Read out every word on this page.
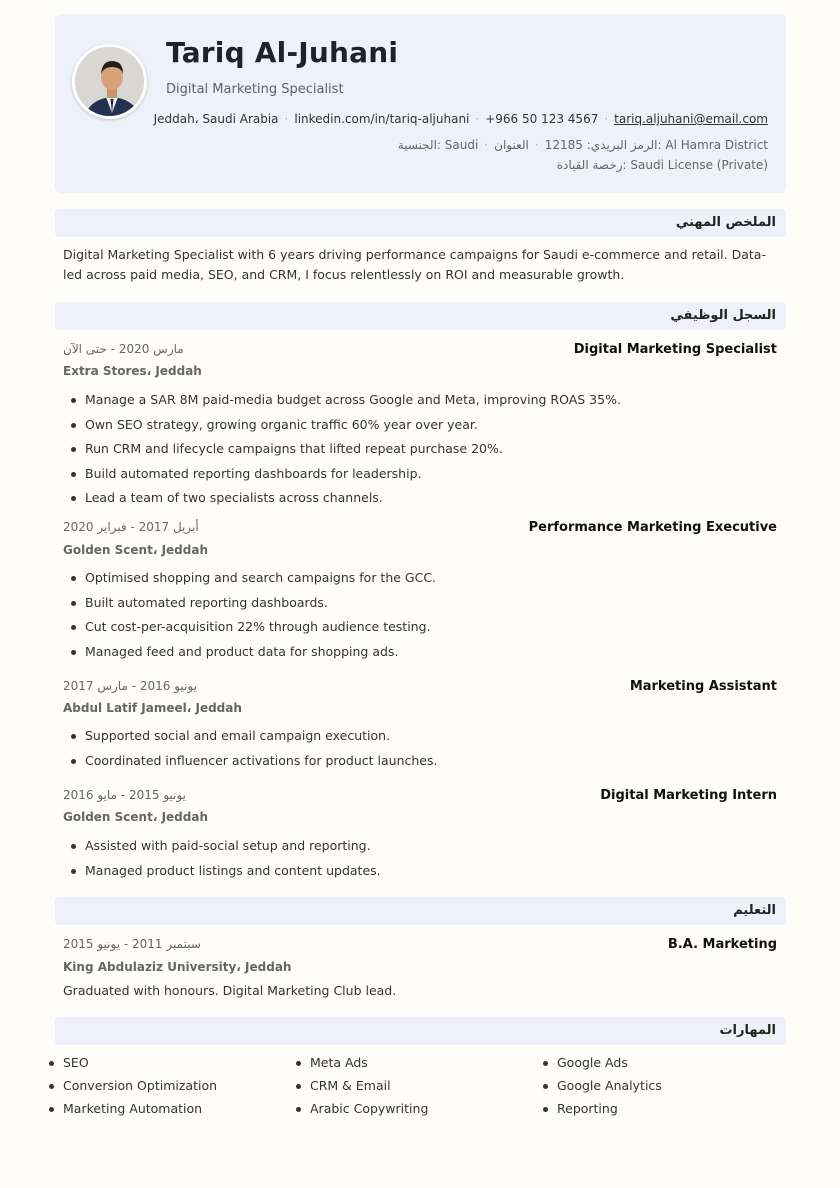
Tariq Al-Juhani
Digital Marketing Specialist
Jeddah، Saudi Arabia · linkedin.com/in/tariq-aljuhani · +966 50 123 4567 · tariq.aljuhani@email.com
الجنسية: Saudi ·	الرمز البريدي: 12185·العنوان: Al Hamra District
رخصة القيادة: Saudi License (Private)
الملخص المهني
Digital Marketing Specialist with 6 years driving performance campaigns for Saudi e-commerce and retail. Data-led across paid media, SEO, and CRM, I focus relentlessly on ROI and measurable growth.
السجل الوظيفي
Digital Marketing Specialist
مارس 2020 - حتى الآن
Extra Stores، Jeddah
Manage a SAR 8M paid-media budget across Google and Meta, improving ROAS 35%.
Own SEO strategy, growing organic traffic 60% year over year.
Run CRM and lifecycle campaigns that lifted repeat purchase 20%.
Build automated reporting dashboards for leadership.
Lead a team of two specialists across channels.
Performance Marketing Executive
أبريل 2017 - فبراير 2020
Golden Scent، Jeddah
Optimised shopping and search campaigns for the GCC.
Built automated reporting dashboards.
Cut cost-per-acquisition 22% through audience testing.
Managed feed and product data for shopping ads.
Marketing Assistant
يونيو 2016 - مارس 2017
Abdul Latif Jameel، Jeddah
Supported social and email campaign execution.
Coordinated influencer activations for product launches.
Digital Marketing Intern
يونيو 2015 - مايو 2016
Golden Scent، Jeddah
Assisted with paid-social setup and reporting.
Managed product listings and content updates.
التعليم
B.A. Marketing
سبتمبر 2011 - يونيو 2015
King Abdulaziz University، Jeddah
Graduated with honours. Digital Marketing Club lead.
المهارات
SEO	Meta Ads	Google Ads
Conversion Optimization	CRM & Email	Google Analytics
Marketing Automation	Arabic Copywriting	Reporting
